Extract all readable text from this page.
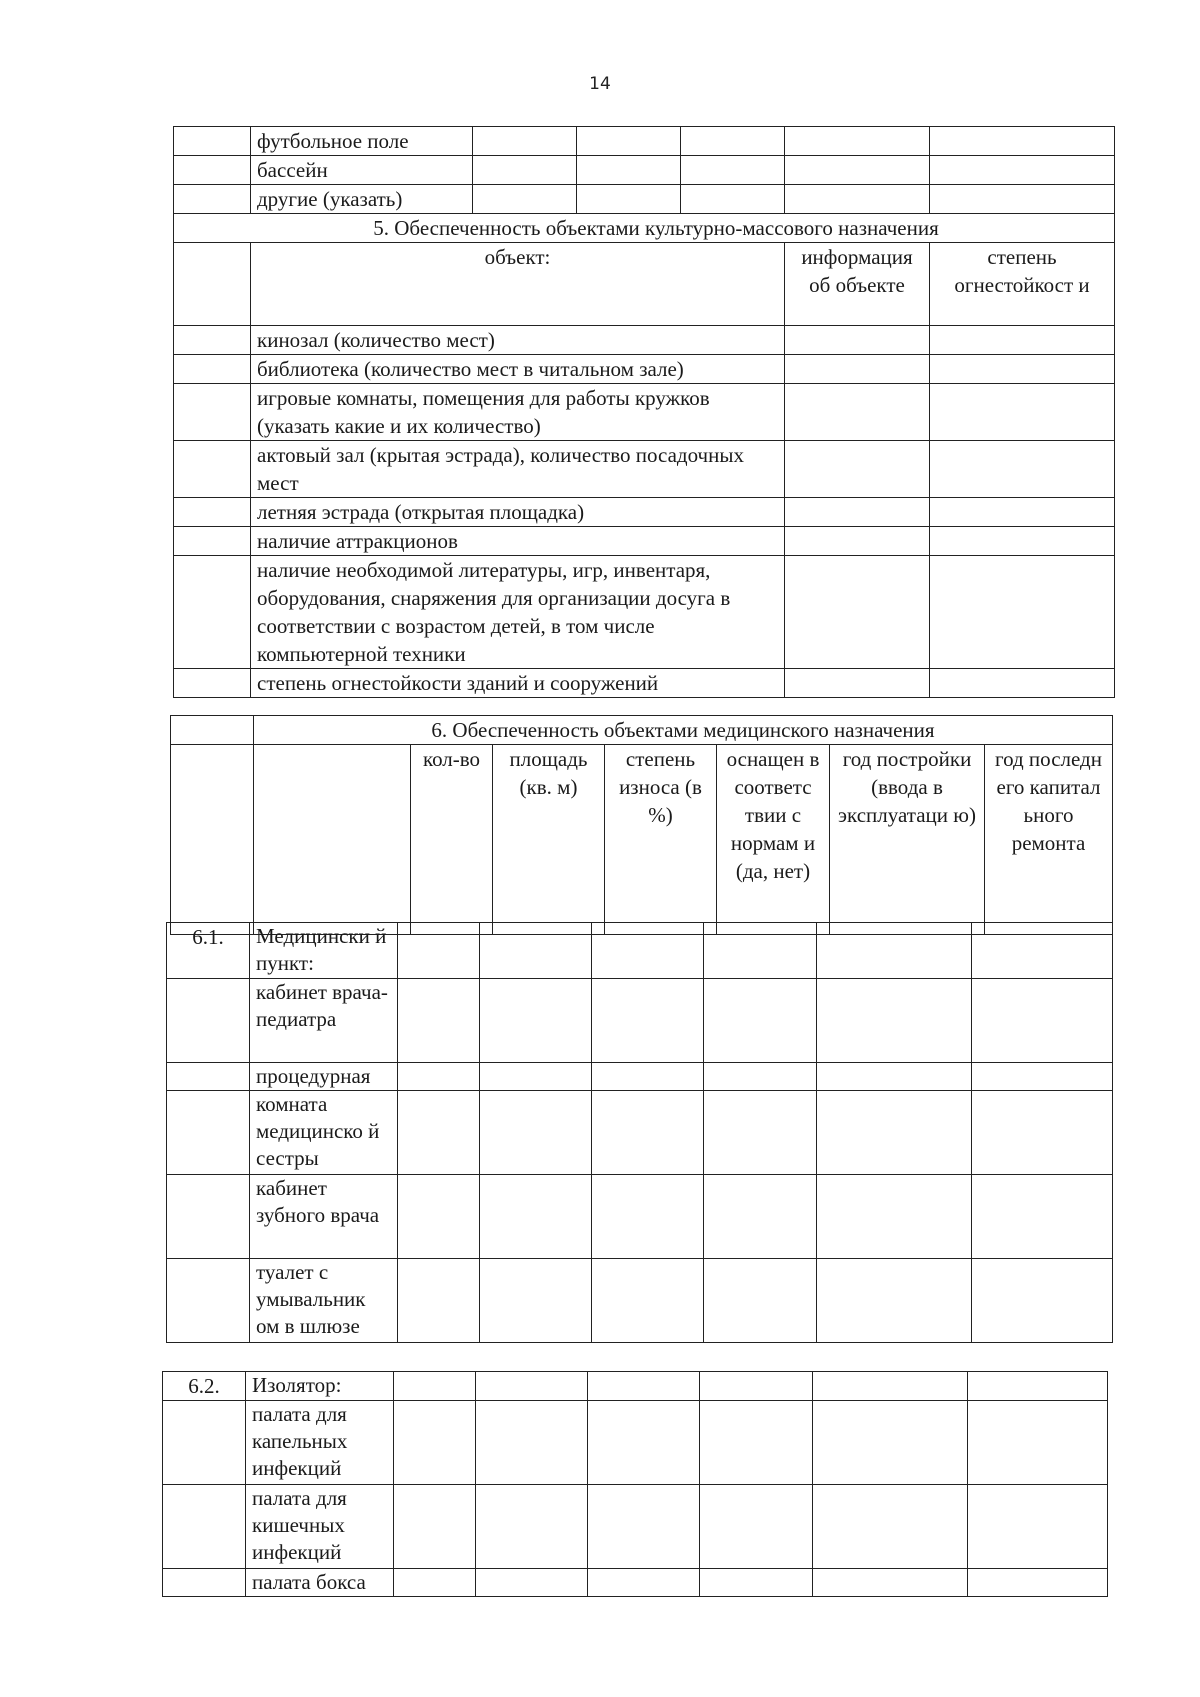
14
	футбольное поле					
	бассейн					
	другие (указать)					
5. Обеспеченность объектами культурно-массового назначения						
	объект:				информация об объекте	степень огнестойкост и
	кинозал (количество мест)					
	библиотека (количество мест в читальном зале)					
	игровые комнаты, помещения для работы кружков (указать какие и их количество)					
	актовый зал (крытая эстрада), количество посадочных мест					
	летняя эстрада (открытая площадка)					
	наличие аттракционов					
	наличие необходимой литературы, игр, инвентаря, оборудования, снаряжения для организации досуга в соответствии с возрастом детей, в том числе компьютерной техники					
	степень огнестойкости зданий и сооружений					
	6. Обеспеченность объектами медицинского назначения						
		кол-во	площадь (кв. м)	степень износа (в %)	оснащен в соответс твии с нормам и (да, нет)	год постройки (ввода в эксплуатаци ю)	год последн его капитал ьного ремонта
6.1.	Медицински й пункт:						
	кабинет врача-педиатра						
	процедурная						
	комната медицинско й сестры						
	кабинет зубного врача						
	туалет с умывальник ом в шлюзе						
6.2.	Изолятор:						
	палата для капельных инфекций						
	палата для кишечных инфекций						
	палата бокса						
